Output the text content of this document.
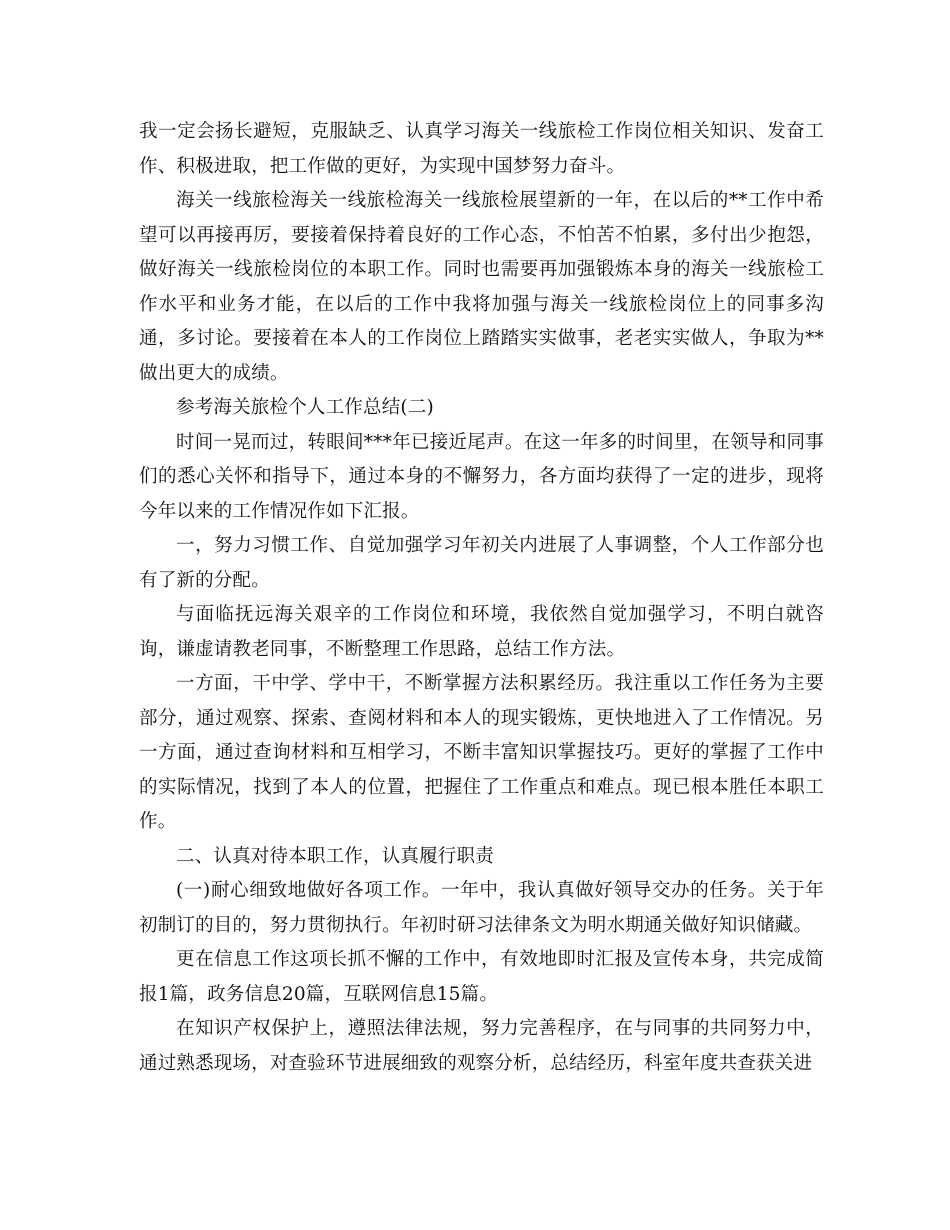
我一定会扬长避短，克服缺乏、认真学习海关一线旅检工作岗位相关知识、发奋工作、积极进取，把工作做的更好，为实现中国梦努力奋斗。

海关一线旅检海关一线旅检海关一线旅检展望新的一年，在以后的**工作中希望可以再接再厉，要接着保持着良好的工作心态，不怕苦不怕累，多付出少抱怨，做好海关一线旅检岗位的本职工作。同时也需要再加强锻炼本身的海关一线旅检工作水平和业务才能，在以后的工作中我将加强与海关一线旅检岗位上的同事多沟通，多讨论。要接着在本人的工作岗位上踏踏实实做事，老老实实做人，争取为**做出更大的成绩。

参考海关旅检个人工作总结(二)

时间一晃而过，转眼间***年已接近尾声。在这一年多的时间里，在领导和同事们的悉心关怀和指导下，通过本身的不懈努力，各方面均获得了一定的进步，现将今年以来的工作情况作如下汇报。

一，努力习惯工作、自觉加强学习年初关内进展了人事调整，个人工作部分也有了新的分配。

与面临抚远海关艰辛的工作岗位和环境，我依然自觉加强学习，不明白就咨询，谦虚请教老同事，不断整理工作思路，总结工作方法。

一方面，干中学、学中干，不断掌握方法积累经历。我注重以工作任务为主要部分，通过观察、探索、查阅材料和本人的现实锻炼，更快地进入了工作情况。另一方面，通过查询材料和互相学习，不断丰富知识掌握技巧。更好的掌握了工作中的实际情况，找到了本人的位置，把握住了工作重点和难点。现已根本胜任本职工作。

二、认真对待本职工作，认真履行职责

(一)耐心细致地做好各项工作。一年中，我认真做好领导交办的任务。关于年初制订的目的，努力贯彻执行。年初时研习法律条文为明水期通关做好知识储藏。

更在信息工作这项长抓不懈的工作中，有效地即时汇报及宣传本身，共完成简报1篇，政务信息20篇，互联网信息15篇。

在知识产权保护上，遵照法律法规，努力完善程序，在与同事的共同努力中，通过熟悉现场，对查验环节进展细致的观察分析，总结经历，科室年度共查获关进
